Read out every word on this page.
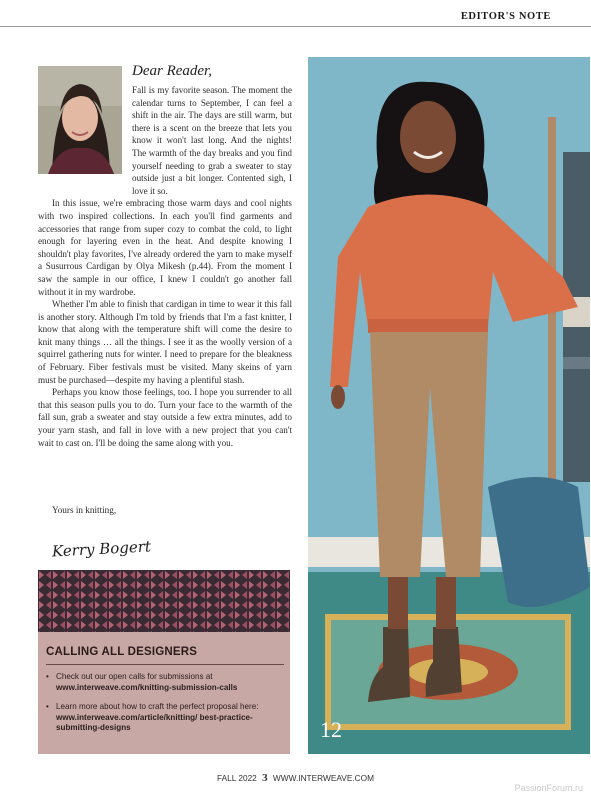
EDITOR'S NOTE
Dear Reader,

Fall is my favorite season. The moment the calendar turns to September, I can feel a shift in the air. The days are still warm, but there is a scent on the breeze that lets you know it won't last long. And the nights! The warmth of the day breaks and you find yourself needing to grab a sweater to stay outside just a bit longer. Contented sigh, I love it so.

In this issue, we're embracing those warm days and cool nights with two inspired collections. In each you'll find garments and accessories that range from super cozy to combat the cold, to light enough for layering even in the heat. And despite knowing I shouldn't play favorites, I've already ordered the yarn to make myself a Susurrous Cardigan by Olya Mikesh (p.44). From the moment I saw the sample in our office, I knew I couldn't go another fall without it in my wardrobe.

Whether I'm able to finish that cardigan in time to wear it this fall is another story. Although I'm told by friends that I'm a fast knitter, I know that along with the temperature shift will come the desire to knit many things … all the things. I see it as the woolly version of a squirrel gathering nuts for winter. I need to prepare for the bleakness of February. Fiber festivals must be visited. Many skeins of yarn must be purchased—despite my having a plentiful stash.

Perhaps you know those feelings, too. I hope you surrender to all that this season pulls you to do. Turn your face to the warmth of the fall sun, grab a sweater and stay outside a few extra minutes, add to your yarn stash, and fall in love with a new project that you can't wait to cast on. I'll be doing the same along with you.

Yours in knitting,
Kerry Bogert
CALLING ALL DESIGNERS
• Check out our open calls for submissions at www.interweave.com/knitting-submission-calls
• Learn more about how to craft the perfect proposal here: www.interweave.com/article/knitting/ best-practice-submitting-designs	12
FALL 2022 3 WWW.INTERWEAVE.COM
PassionForum.ru
